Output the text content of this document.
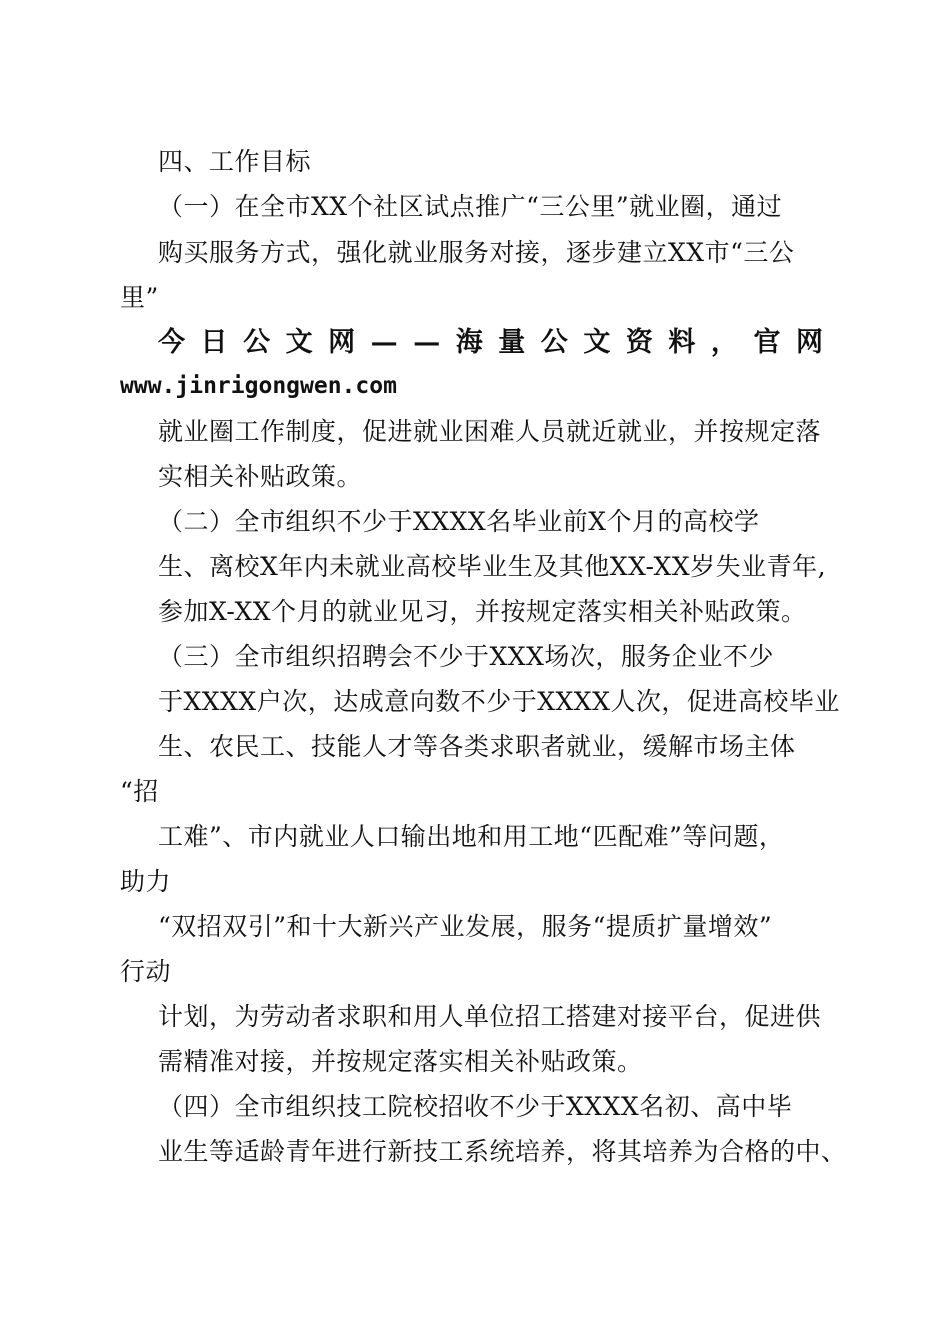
四、工作目标
（一）在全市XX个社区试点推广“三公里”就业圈，通过
购买服务方式，强化就业服务对接，逐步建立XX市“三公
里”
今 日 公 文 网 — — 海 量 公 文 资 料 ， 官 网
www.jinrigongwen.com
就业圈工作制度，促进就业困难人员就近就业，并按规定落
实相关补贴政策。
（二）全市组织不少于XXXX名毕业前X个月的高校学
生、离校X年内未就业高校毕业生及其他XX-XX岁失业青年,
参加X-XX个月的就业见习，并按规定落实相关补贴政策。
（三）全市组织招聘会不少于XXX场次，服务企业不少
于XXXX户次，达成意向数不少于XXXX人次，促进高校毕业
生、农民工、技能人才等各类求职者就业，缓解市场主体
“招
工难”、市内就业人口输出地和用工地“匹配难”等问题，
助力
“双招双引”和十大新兴产业发展，服务“提质扩量增效”
行动
计划，为劳动者求职和用人单位招工搭建对接平台，促进供
需精准对接，并按规定落实相关补贴政策。
（四）全市组织技工院校招收不少于XXXX名初、高中毕
业生等适龄青年进行新技工系统培养，将其培养为合格的中、
